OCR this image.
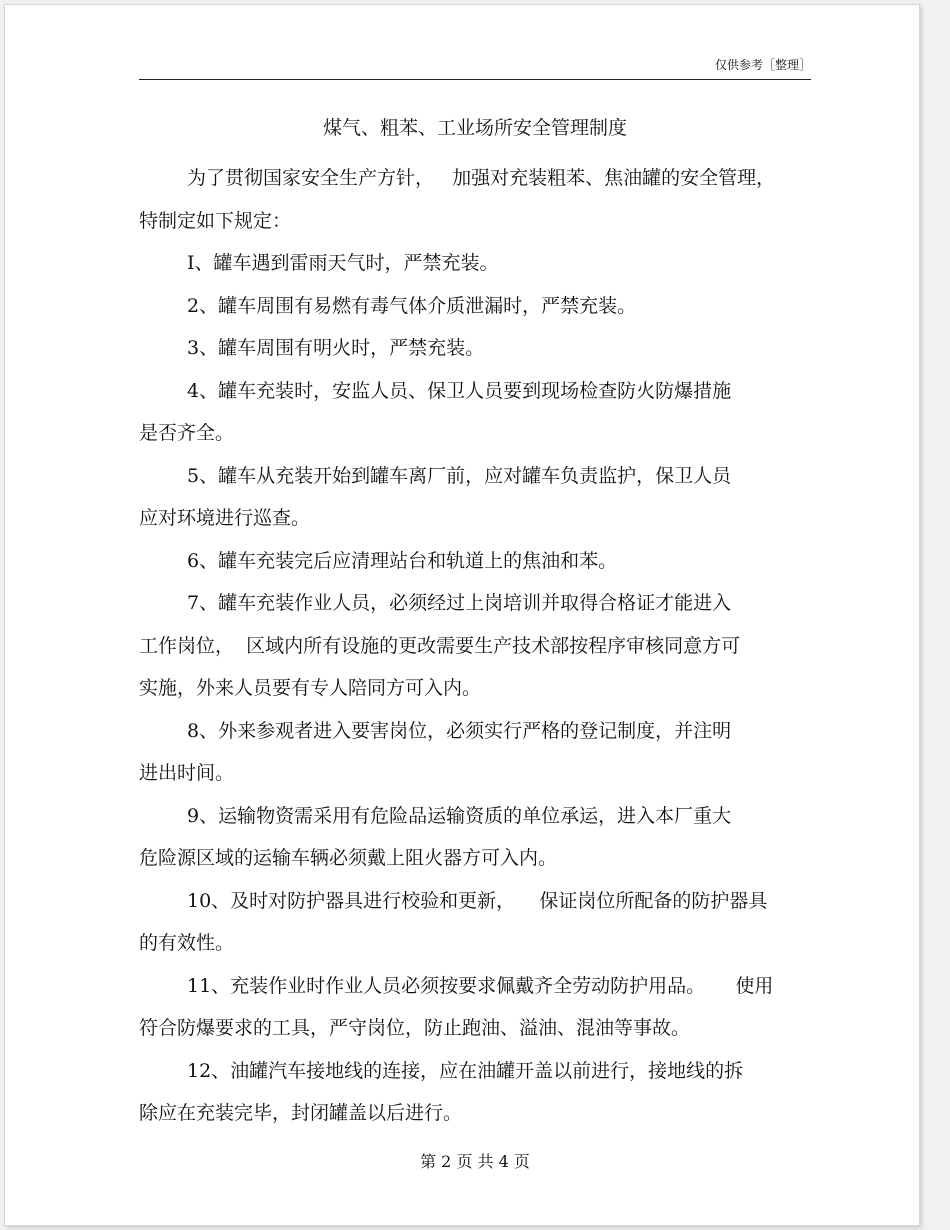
仅供参考［整理］
煤气、粗苯、工业场所安全管理制度

为了贯彻国家安全生产方针，   加强对充装粗苯、焦油罐的安全管理，

特制定如下规定：

I、罐车遇到雷雨天气时，严禁充装。

2、罐车周围有易燃有毒气体介质泄漏时，严禁充装。

3、罐车周围有明火时，严禁充装。

4、罐车充装时，安监人员、保卫人员要到现场检查防火防爆措施

是否齐全。

5、罐车从充装开始到罐车离厂前，应对罐车负责监护，保卫人员

应对环境进行巡查。

6、罐车充装完后应清理站台和轨道上的焦油和苯。

7、罐车充装作业人员，必须经过上岗培训并取得合格证才能进入

工作岗位，  区域内所有设施的更改需要生产技术部按程序审核同意方可

实施，外来人员要有专人陪同方可入内。

8、外来参观者进入要害岗位，必须实行严格的登记制度，并注明

进出时间。

9、运输物资需采用有危险品运输资质的单位承运，进入本厂重大

危险源区域的运输车辆必须戴上阻火器方可入内。

10、及时对防护器具进行校验和更新，    保证岗位所配备的防护器具

的有效性。

11、充装作业时作业人员必须按要求佩戴齐全劳动防护用品。     使用

符合防爆要求的工具，严守岗位，防止跑油、溢油、混油等事故。

12、油罐汽车接地线的连接，应在油罐开盖以前进行，接地线的拆

除应在充装完毕，封闭罐盖以后进行。

第 2 页 共 4 页
